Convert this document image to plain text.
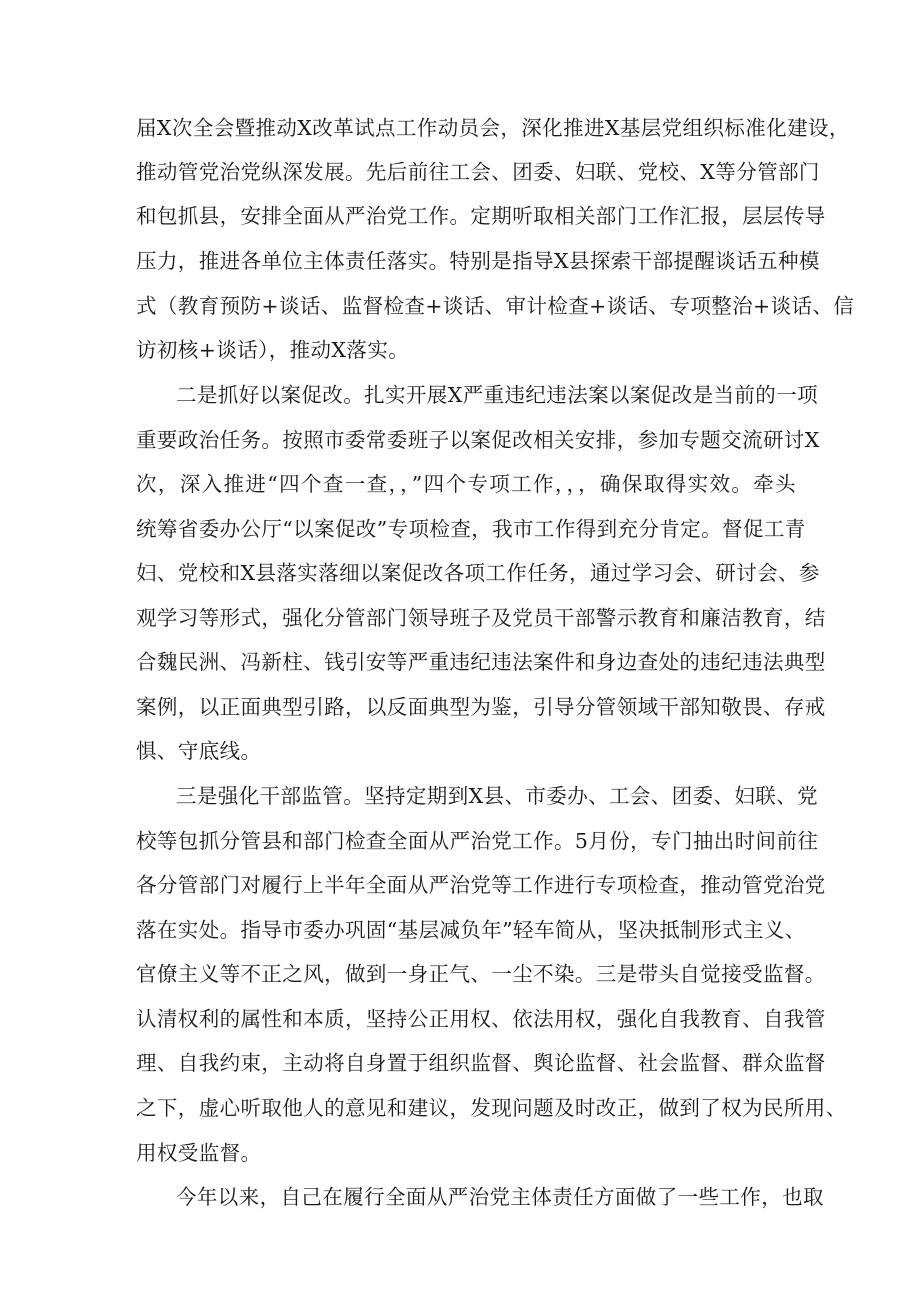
届X次全会暨推动X改革试点工作动员会，深化推进X基层党组织标准化建设，
推动管党治党纵深发展。先后前往工会、团委、妇联、党校、X等分管部门
和包抓县，安排全面从严治党工作。定期听取相关部门工作汇报，层层传导
压力，推进各单位主体责任落实。特别是指导X县探索干部提醒谈话五种模
式（教育预防+谈话、监督检查+谈话、审计检查+谈话、专项整治+谈话、信
访初核+谈话），推动X落实。
二是抓好以案促改。扎实开展X严重违纪违法案以案促改是当前的一项
重要政治任务。按照市委常委班子以案促改相关安排，参加专题交流研讨X
次，深入推进“四个查一查，，”四个专项工作，，，确保取得实效。牵头
统筹省委办公厅“以案促改”专项检查，我市工作得到充分肯定。督促工青
妇、党校和X县落实落细以案促改各项工作任务，通过学习会、研讨会、参
观学习等形式，强化分管部门领导班子及党员干部警示教育和廉洁教育，结
合魏民洲、冯新柱、钱引安等严重违纪违法案件和身边查处的违纪违法典型
案例，以正面典型引路，以反面典型为鉴，引导分管领域干部知敬畏、存戒
惧、守底线。
三是强化干部监管。坚持定期到X县、市委办、工会、团委、妇联、党
校等包抓分管县和部门检查全面从严治党工作。5月份，专门抽出时间前往
各分管部门对履行上半年全面从严治党等工作进行专项检查，推动管党治党
落在实处。指导市委办巩固“基层减负年”轻车简从，坚决抵制形式主义、
官僚主义等不正之风，做到一身正气、一尘不染。三是带头自觉接受监督。
认清权利的属性和本质，坚持公正用权、依法用权，强化自我教育、自我管
理、自我约束，主动将自身置于组织监督、舆论监督、社会监督、群众监督
之下，虚心听取他人的意见和建议，发现问题及时改正，做到了权为民所用、
用权受监督。
今年以来，自己在履行全面从严治党主体责任方面做了一些工作，也取
